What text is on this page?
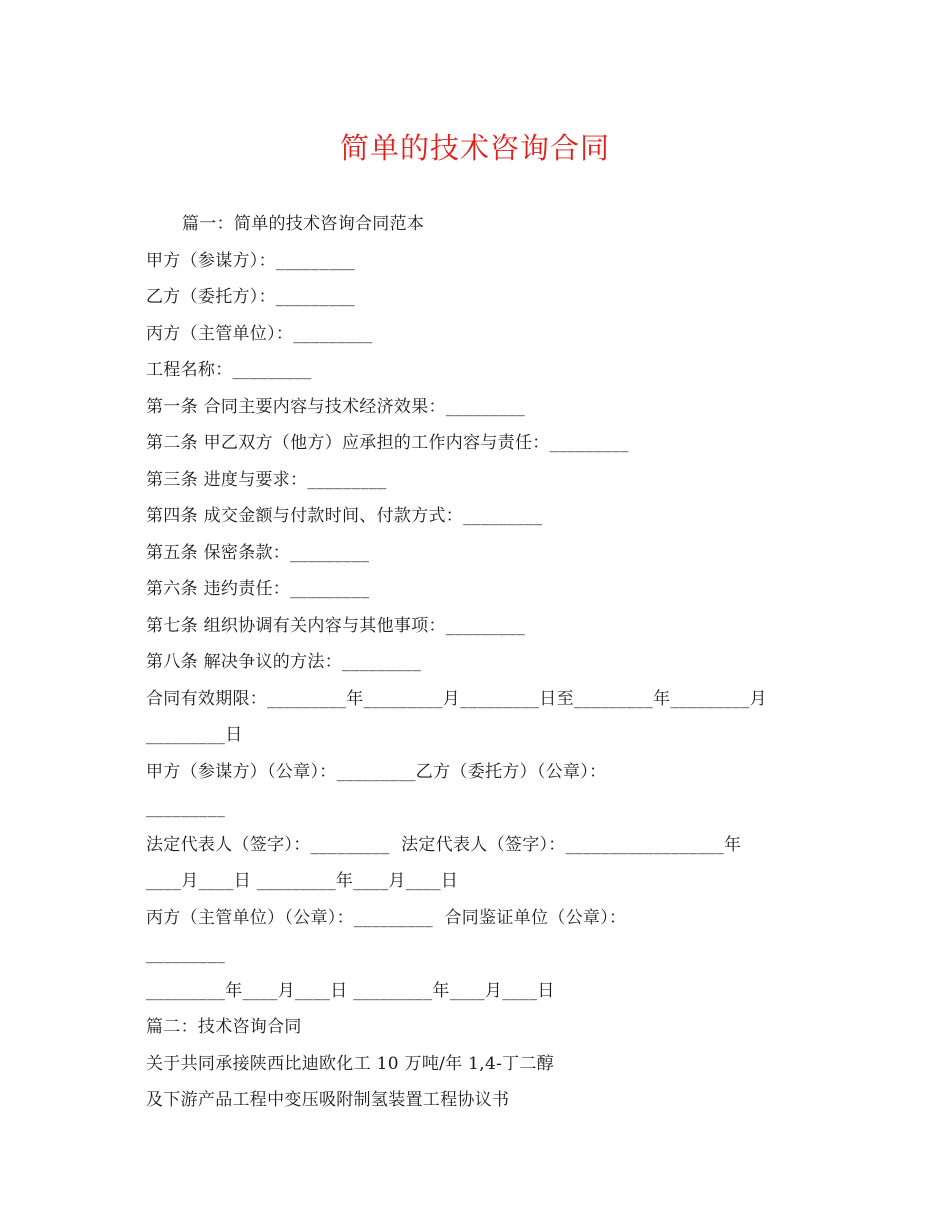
简单的技术咨询合同
篇一：简单的技术咨询合同范本
甲方（参谋方）：_________
乙方（委托方）：_________
丙方（主管单位）：_________
工程名称：_________
第一条 合同主要内容与技术经济效果：_________
第二条 甲乙双方（他方）应承担的工作内容与责任：_________
第三条 进度与要求：_________
第四条 成交金额与付款时间、付款方式：_________
第五条 保密条款：_________
第六条 违约责任：_________
第七条 组织协调有关内容与其他事项：_________
第八条 解决争议的方法：_________
合同有效期限：_________年_________月_________日至_________年_________月
_________日
甲方（参谋方）（公章）：_________乙方（委托方）（公章）：
_________
法定代表人（签字）：_________  法定代表人（签字）：__________________年
____月____日 _________年____月____日
丙方（主管单位）（公章）：_________  合同鉴证单位（公章）：
_________
_________年____月____日 _________年____月____日
篇二：技术咨询合同
关于共同承接陕西比迪欧化工 10 万吨/年 1,4-丁二醇
及下游产品工程中变压吸附制氢装置工程协议书
